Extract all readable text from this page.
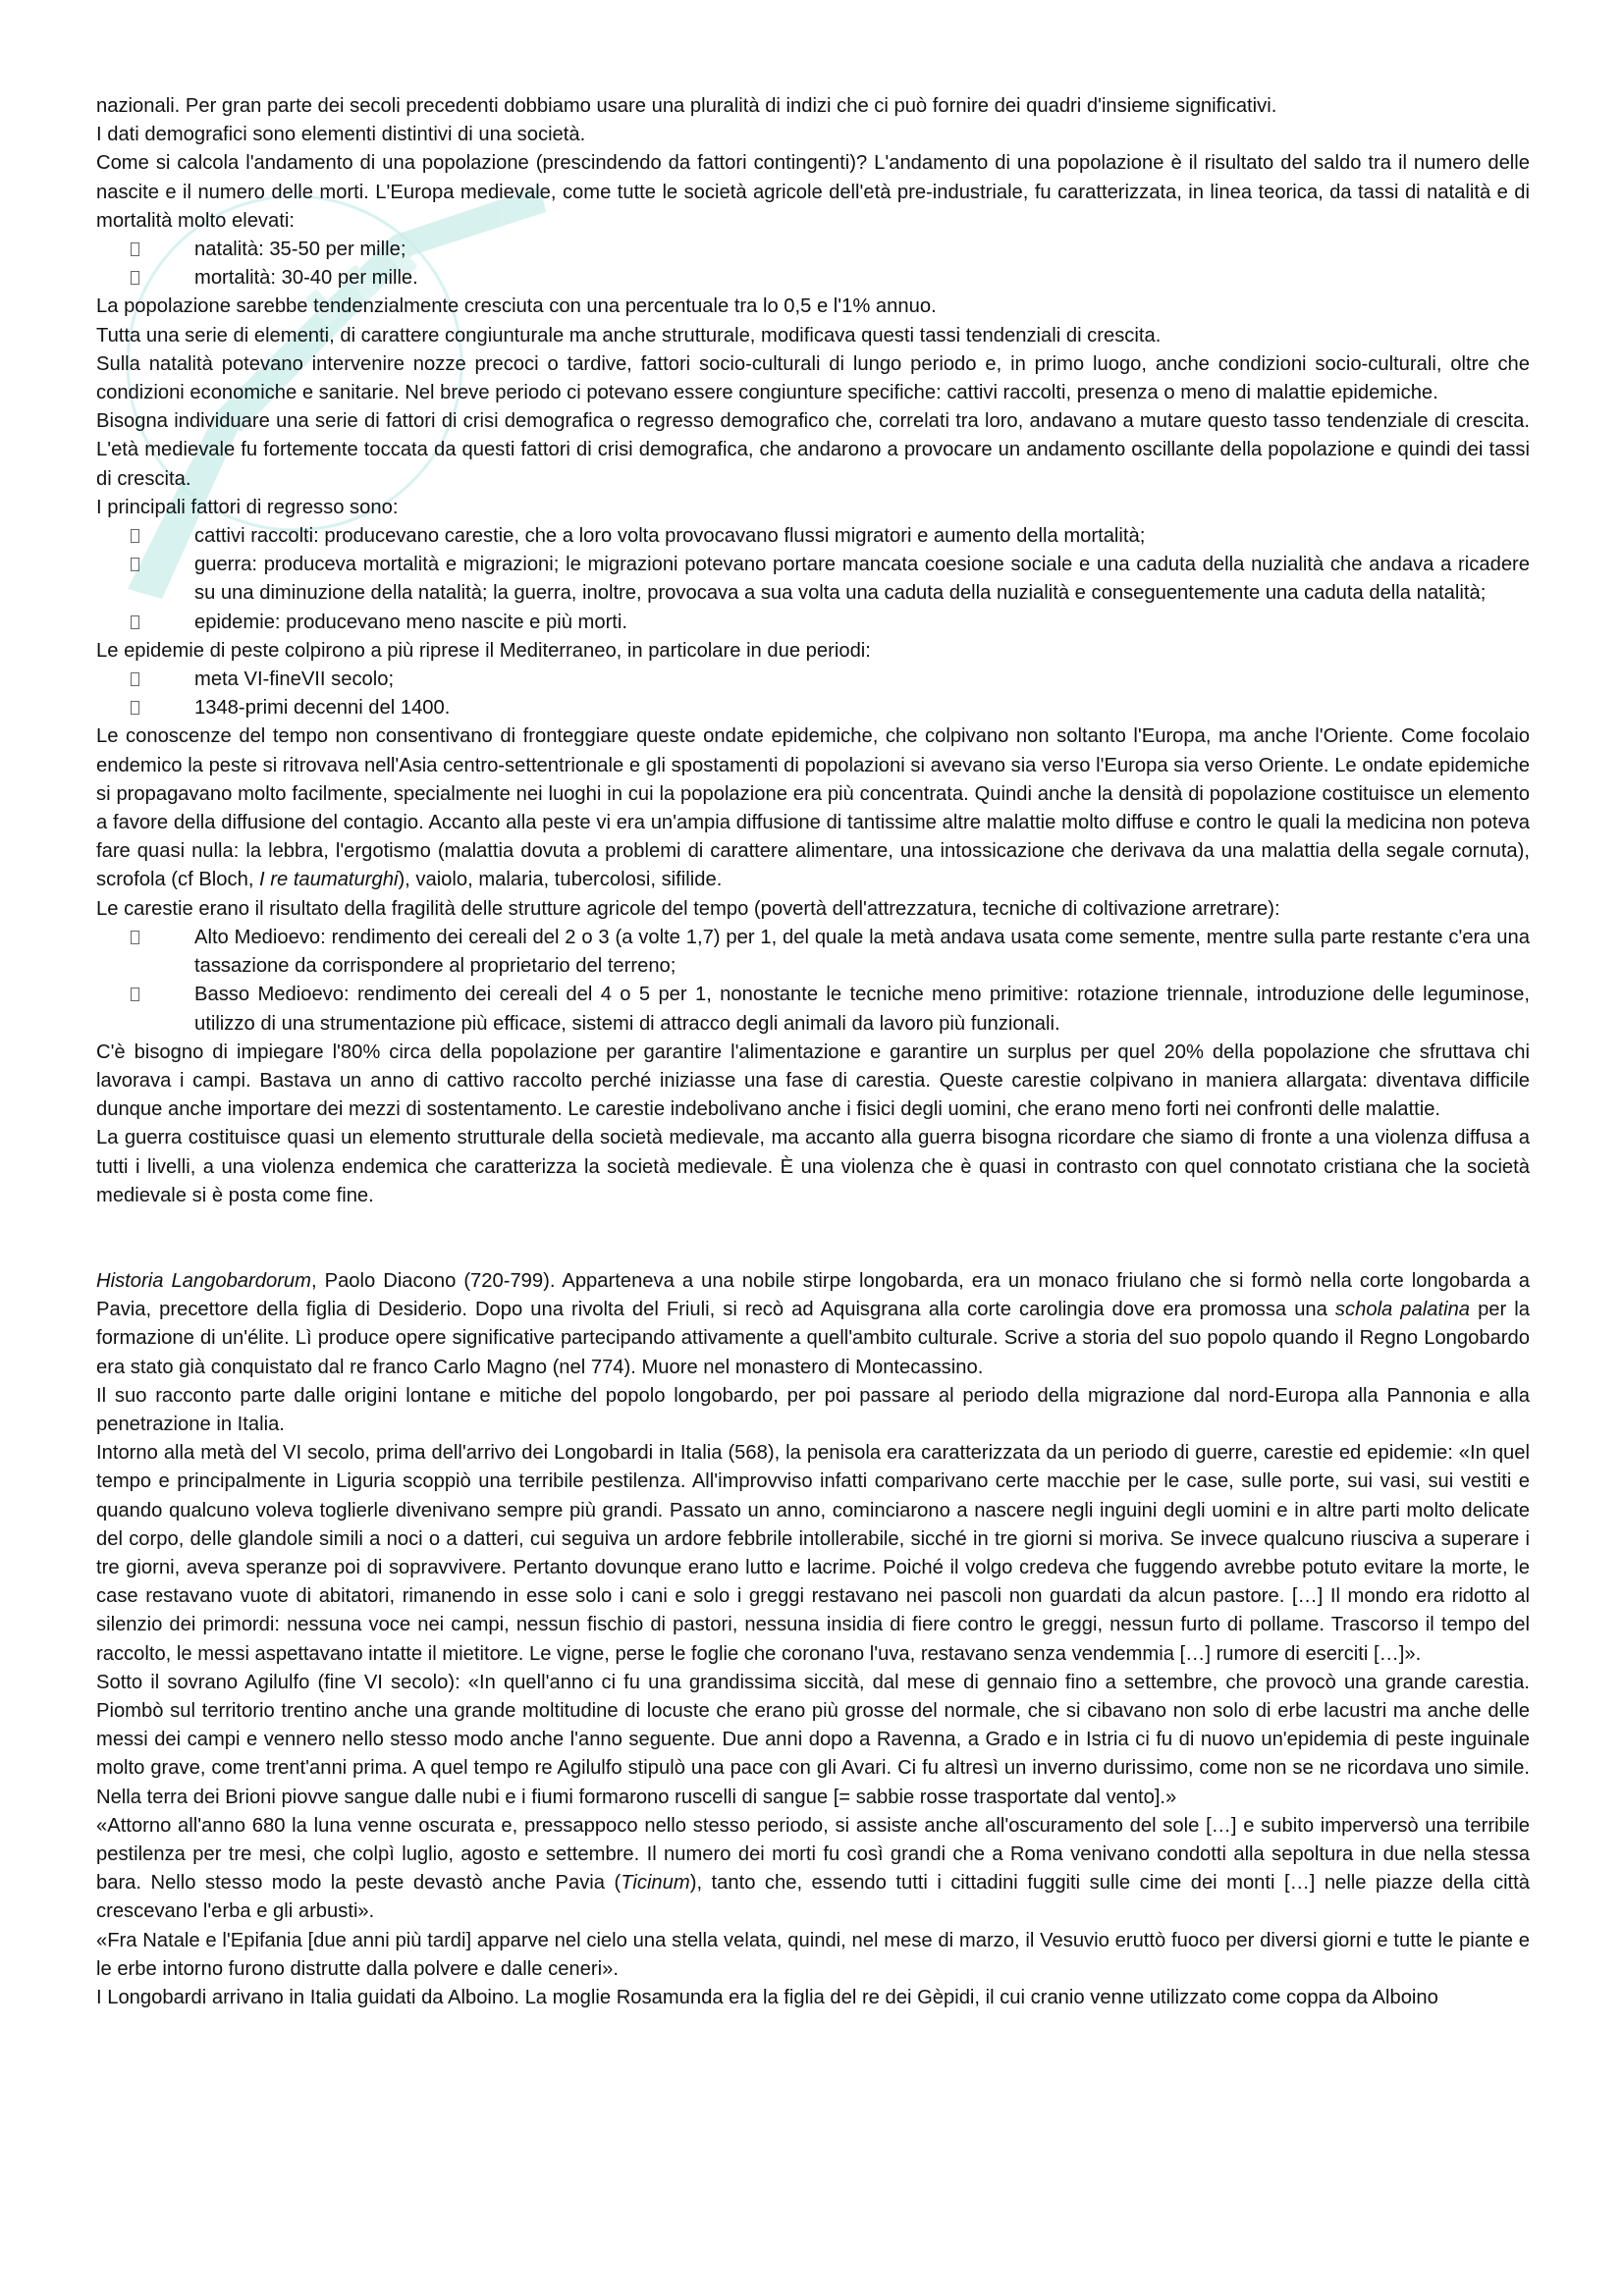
nazionali. Per gran parte dei secoli precedenti dobbiamo usare una pluralità di indizi che ci può fornire dei quadri d'insieme significativi.

I dati demografici sono elementi distintivi di una società.

Come si calcola l'andamento di una popolazione (prescindendo da fattori contingenti)? L'andamento di una popolazione è il risultato del saldo tra il numero delle nascite e il numero delle morti. L'Europa medievale, come tutte le società agricole dell'età pre-industriale, fu caratterizzata, in linea teorica, da tassi di natalità e di mortalità molto elevati:

natalità: 35-50 per mille;
mortalità: 30-40 per mille.

La popolazione sarebbe tendenzialmente cresciuta con una percentuale tra lo 0,5 e l'1% annuo.

Tutta una serie di elementi, di carattere congiunturale ma anche strutturale, modificava questi tassi tendenziali di crescita.

Sulla natalità potevano intervenire nozze precoci o tardive, fattori socio-culturali di lungo periodo e, in primo luogo, anche condizioni socio-culturali, oltre che condizioni economiche e sanitarie. Nel breve periodo ci potevano essere congiunture specifiche: cattivi raccolti, presenza o meno di malattie epidemiche.

Bisogna individuare una serie di fattori di crisi demografica o regresso demografico che, correlati tra loro, andavano a mutare questo tasso tendenziale di crescita. L'età medievale fu fortemente toccata da questi fattori di crisi demografica, che andarono a provocare un andamento oscillante della popolazione e quindi dei tassi di crescita.

I principali fattori di regresso sono:

cattivi raccolti: producevano carestie, che a loro volta provocavano flussi migratori e aumento della mortalità;
guerra: produceva mortalità e migrazioni; le migrazioni potevano portare mancata coesione sociale e una caduta della nuzialità che andava a ricadere su una diminuzione della natalità; la guerra, inoltre, provocava a sua volta una caduta della nuzialità e conseguentemente una caduta della natalità;
epidemie: producevano meno nascite e più morti.

Le epidemie di peste colpirono a più riprese il Mediterraneo, in particolare in due periodi:

meta VI-fineVII secolo;
1348-primi decenni del 1400.

Le conoscenze del tempo non consentivano di fronteggiare queste ondate epidemiche, che colpivano non soltanto l'Europa, ma anche l'Oriente. Come focolaio endemico la peste si ritrovava nell'Asia centro-settentrionale e gli spostamenti di popolazioni si avevano sia verso l'Europa sia verso Oriente. Le ondate epidemiche si propagavano molto facilmente, specialmente nei luoghi in cui la popolazione era più concentrata. Quindi anche la densità di popolazione costituisce un elemento a favore della diffusione del contagio. Accanto alla peste vi era un'ampia diffusione di tantissime altre malattie molto diffuse e contro le quali la medicina non poteva fare quasi nulla: la lebbra, l'ergotismo (malattia dovuta a problemi di carattere alimentare, una intossicazione che derivava da una malattia della segale cornuta), scrofola (cf Bloch, I re taumaturghi), vaiolo, malaria, tubercolosi, sifilide.

Le carestie erano il risultato della fragilità delle strutture agricole del tempo (povertà dell'attrezzatura, tecniche di coltivazione arretrare):

Alto Medioevo: rendimento dei cereali del 2 o 3 (a volte 1,7) per 1, del quale la metà andava usata come semente, mentre sulla parte restante c'era una tassazione da corrispondere al proprietario del terreno;
Basso Medioevo: rendimento dei cereali del 4 o 5 per 1, nonostante le tecniche meno primitive: rotazione triennale, introduzione delle leguminose, utilizzo di una strumentazione più efficace, sistemi di attracco degli animali da lavoro più funzionali.

C'è bisogno di impiegare l'80% circa della popolazione per garantire l'alimentazione e garantire un surplus per quel 20% della popolazione che sfruttava chi lavorava i campi. Bastava un anno di cattivo raccolto perché iniziasse una fase di carestia. Queste carestie colpivano in maniera allargata: diventava difficile dunque anche importare dei mezzi di sostentamento. Le carestie indebolivano anche i fisici degli uomini, che erano meno forti nei confronti delle malattie.

La guerra costituisce quasi un elemento strutturale della società medievale, ma accanto alla guerra bisogna ricordare che siamo di fronte a una violenza diffusa a tutti i livelli, a una violenza endemica che caratterizza la società medievale. È una violenza che è quasi in contrasto con quel connotato cristiana che la società medievale si è posta come fine.

Historia Langobardorum, Paolo Diacono (720-799). Apparteneva a una nobile stirpe longobarda, era un monaco friulano che si formò nella corte longobarda a Pavia, precettore della figlia di Desiderio. Dopo una rivolta del Friuli, si recò ad Aquisgrana alla corte carolingia dove era promossa una schola palatina per la formazione di un'élite. Lì produce opere significative partecipando attivamente a quell'ambito culturale. Scrive a storia del suo popolo quando il Regno Longobardo era stato già conquistato dal re franco Carlo Magno (nel 774). Muore nel monastero di Montecassino.

Il suo racconto parte dalle origini lontane e mitiche del popolo longobardo, per poi passare al periodo della migrazione dal nord-Europa alla Pannonia e alla penetrazione in Italia.

Intorno alla metà del VI secolo, prima dell'arrivo dei Longobardi in Italia (568), la penisola era caratterizzata da un periodo di guerre, carestie ed epidemie: «In quel tempo e principalmente in Liguria scoppiò una terribile pestilenza. All'improvviso infatti comparivano certe macchie per le case, sulle porte, sui vasi, sui vestiti e quando qualcuno voleva toglierle divenivano sempre più grandi. Passato un anno, cominciarono a nascere negli inguini degli uomini e in altre parti molto delicate del corpo, delle glandole simili a noci o a datteri, cui seguiva un ardore febbrile intollerabile, sicché in tre giorni si moriva. Se invece qualcuno riusciva a superare i tre giorni, aveva speranze poi di sopravvivere. Pertanto dovunque erano lutto e lacrime. Poiché il volgo credeva che fuggendo avrebbe potuto evitare la morte, le case restavano vuote di abitatori, rimanendo in esse solo i cani e solo i greggi restavano nei pascoli non guardati da alcun pastore. […] Il mondo era ridotto al silenzio dei primordi: nessuna voce nei campi, nessun fischio di pastori, nessuna insidia di fiere contro le greggi, nessun furto di pollame. Trascorso il tempo del raccolto, le messi aspettavano intatte il mietitore. Le vigne, perse le foglie che coronano l'uva, restavano senza vendemmia […] rumore di eserciti […]».

Sotto il sovrano Agilulfo (fine VI secolo): «In quell'anno ci fu una grandissima siccità, dal mese di gennaio fino a settembre, che provocò una grande carestia. Piombò sul territorio trentino anche una grande moltitudine di locuste che erano più grosse del normale, che si cibavano non solo di erbe lacustri ma anche delle messi dei campi e vennero nello stesso modo anche l'anno seguente. Due anni dopo a Ravenna, a Grado e in Istria ci fu di nuovo un'epidemia di peste inguinale molto grave, come trent'anni prima. A quel tempo re Agilulfo stipulò una pace con gli Avari. Ci fu altresì un inverno durissimo, come non se ne ricordava uno simile. Nella terra dei Brioni piovve sangue dalle nubi e i fiumi formarono ruscelli di sangue [= sabbie rosse trasportate dal vento].»

«Attorno all'anno 680 la luna venne oscurata e, pressappoco nello stesso periodo, si assiste anche all'oscuramento del sole […] e subito imperversò una terribile pestilenza per tre mesi, che colpì luglio, agosto e settembre. Il numero dei morti fu così grandi che a Roma venivano condotti alla sepoltura in due nella stessa bara. Nello stesso modo la peste devastò anche Pavia (Ticinum), tanto che, essendo tutti i cittadini fuggiti sulle cime dei monti […] nelle piazze della città crescevano l'erba e gli arbusti».

«Fra Natale e l'Epifania [due anni più tardi] apparve nel cielo una stella velata, quindi, nel mese di marzo, il Vesuvio eruttò fuoco per diversi giorni e tutte le piante e le erbe intorno furono distrutte dalla polvere e dalle ceneri».

I Longobardi arrivano in Italia guidati da Alboino. La moglie Rosamunda era la figlia del re dei Gèpidi, il cui cranio venne utilizzato come coppa da Alboino
